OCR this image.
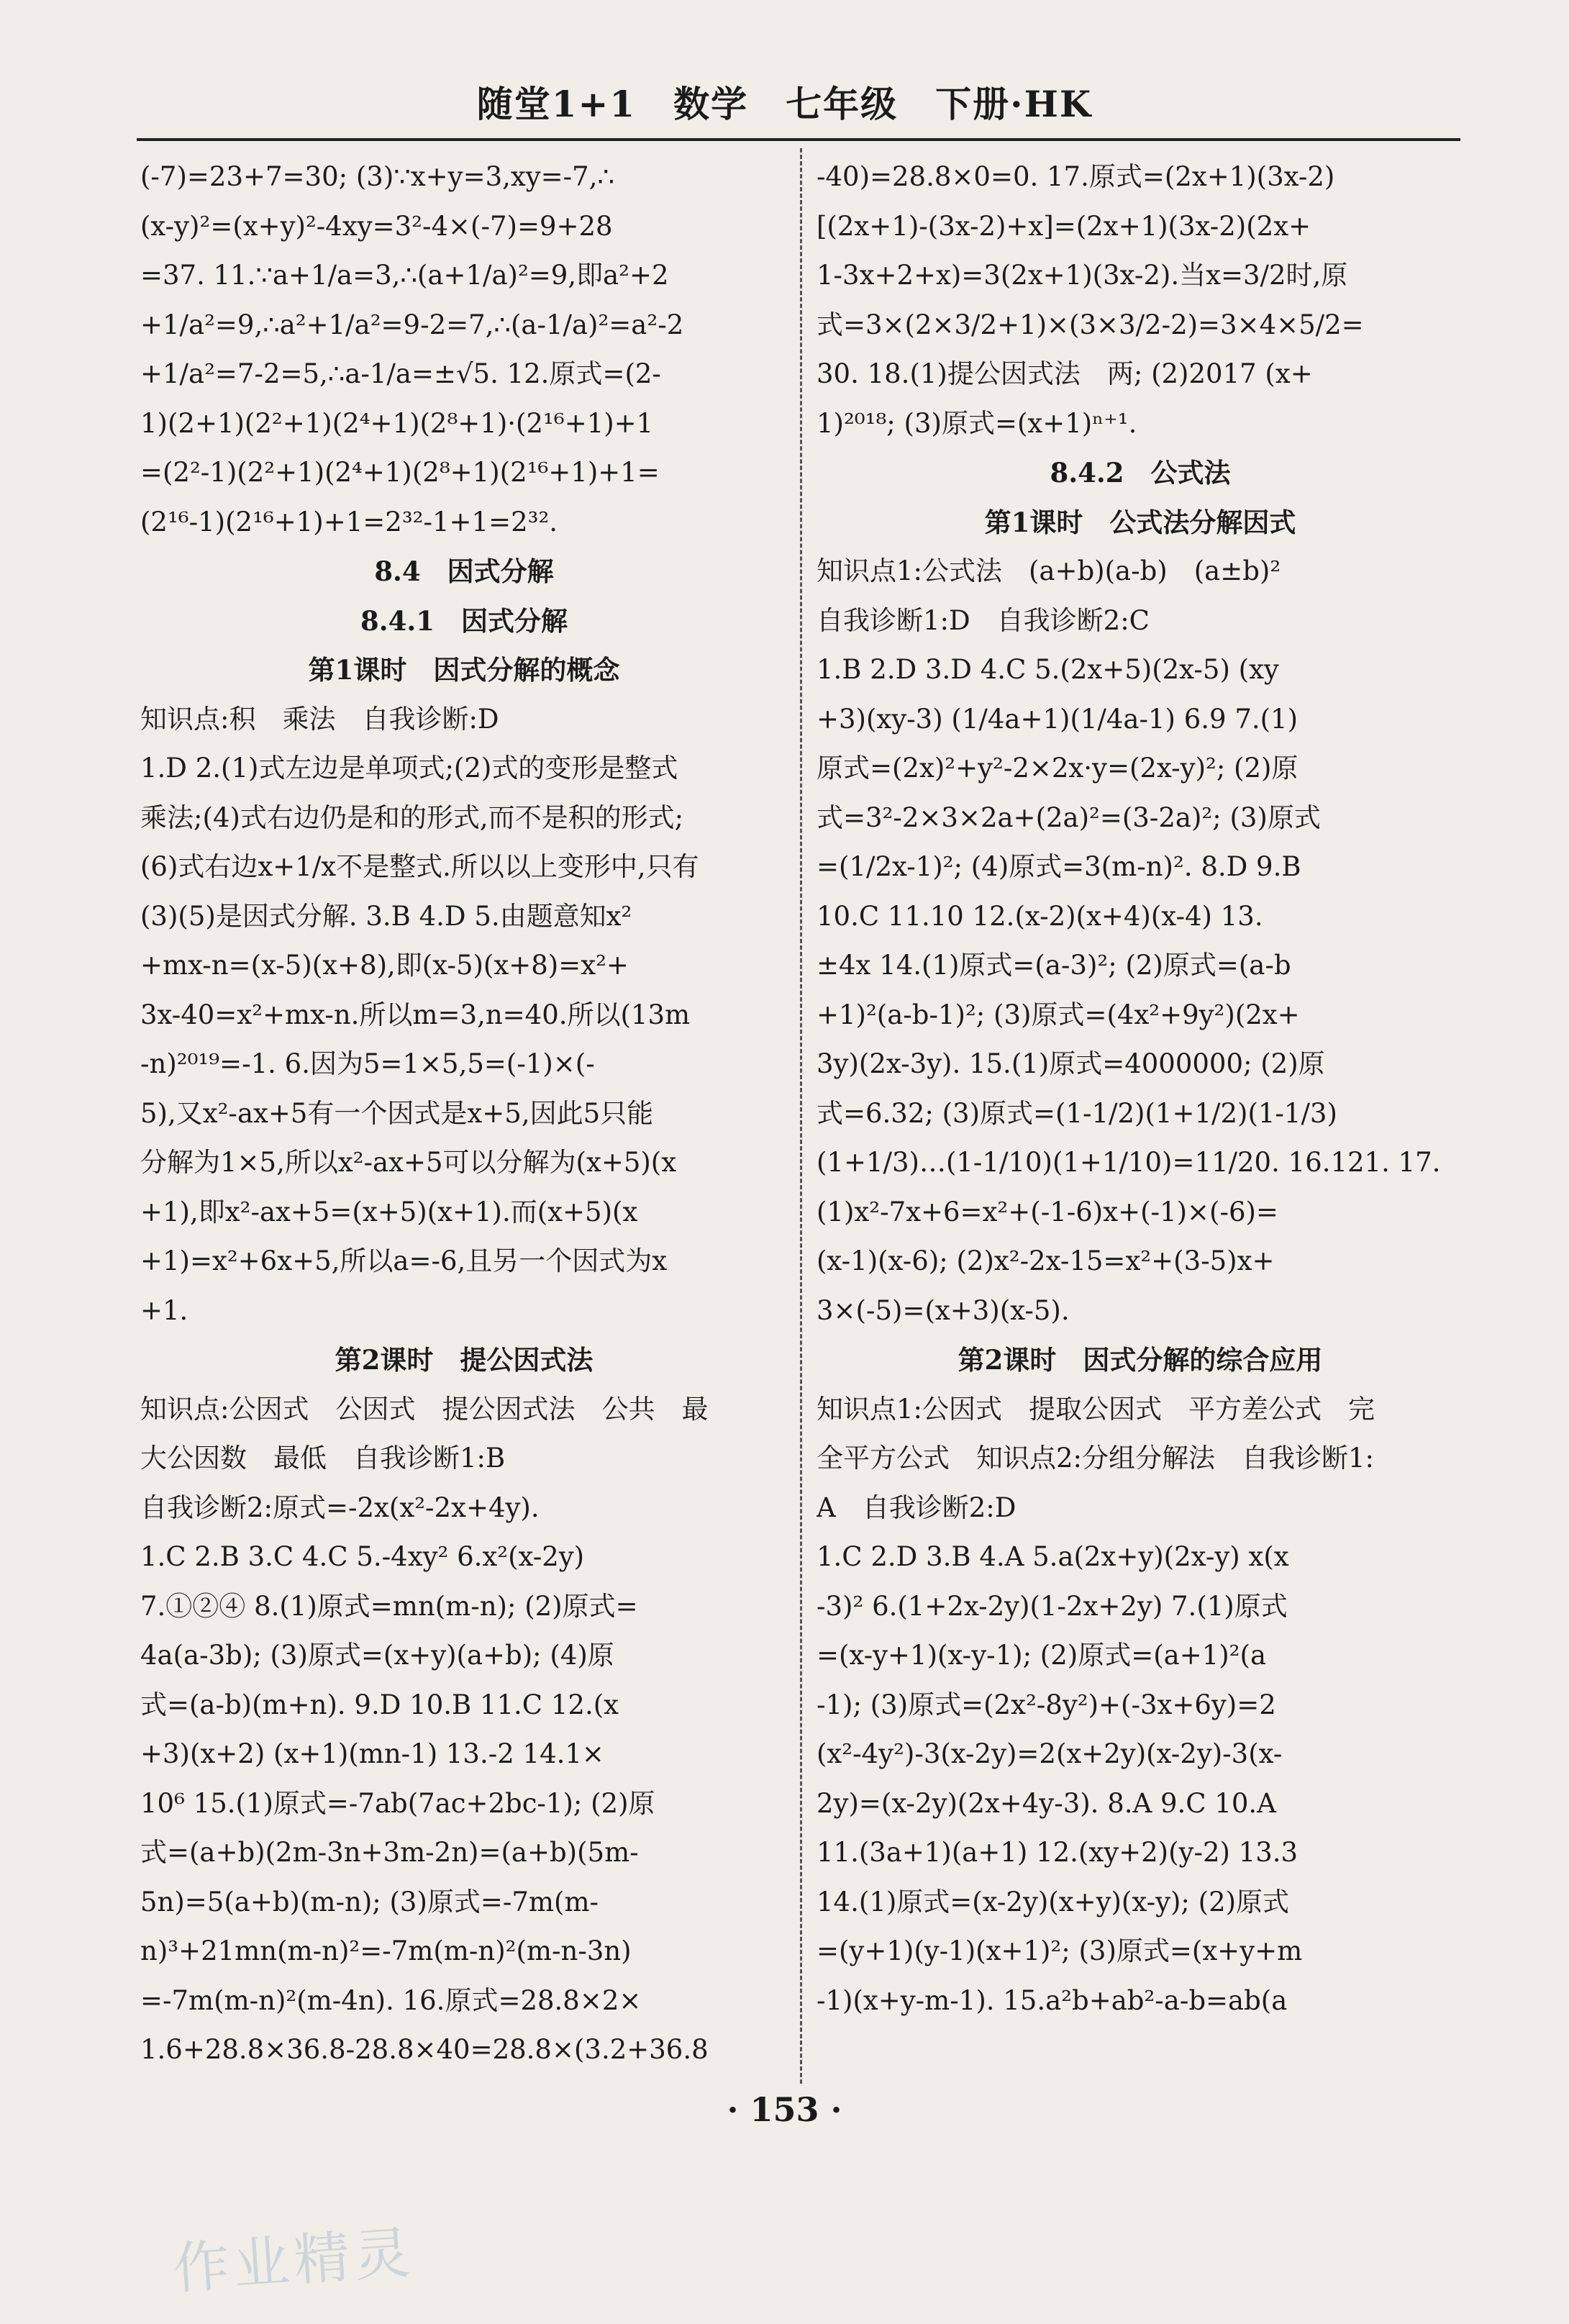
随堂1+1　数学　七年级　下册·HK
(-7)=23+7=30; (3)∵x+y=3,xy=-7,∴
(x-y)²=(x+y)²-4xy=3²-4×(-7)=9+28
=37. 11.∵a+1/a=3,∴(a+1/a)²=9,即a²+2
+1/a²=9,∴a²+1/a²=9-2=7,∴(a-1/a)²=a²-2
+1/a²=7-2=5,∴a-1/a=±√5. 12.原式=(2-
1)(2+1)(2²+1)(2⁴+1)(2⁸+1)·(2¹⁶+1)+1
=(2²-1)(2²+1)(2⁴+1)(2⁸+1)(2¹⁶+1)+1=
(2¹⁶-1)(2¹⁶+1)+1=2³²-1+1=2³².
8.4　因式分解
8.4.1　因式分解
第1课时　因式分解的概念
知识点:积　乘法　自我诊断:D
1.D 2.(1)式左边是单项式;(2)式的变形是整式
乘法;(4)式右边仍是和的形式,而不是积的形式;
(6)式右边x+1/x不是整式.所以以上变形中,只有
(3)(5)是因式分解. 3.B 4.D 5.由题意知x²
+mx-n=(x-5)(x+8),即(x-5)(x+8)=x²+
3x-40=x²+mx-n.所以m=3,n=40.所以(13m
-n)²⁰¹⁹=-1. 6.因为5=1×5,5=(-1)×(-
5),又x²-ax+5有一个因式是x+5,因此5只能
分解为1×5,所以x²-ax+5可以分解为(x+5)(x
+1),即x²-ax+5=(x+5)(x+1).而(x+5)(x
+1)=x²+6x+5,所以a=-6,且另一个因式为x
+1.
第2课时　提公因式法
知识点:公因式　公因式　提公因式法　公共　最
大公因数　最低　自我诊断1:B
自我诊断2:原式=-2x(x²-2x+4y).
1.C 2.B 3.C 4.C 5.-4xy² 6.x²(x-2y)
7.①②④ 8.(1)原式=mn(m-n); (2)原式=
4a(a-3b); (3)原式=(x+y)(a+b); (4)原
式=(a-b)(m+n). 9.D 10.B 11.C 12.(x
+3)(x+2) (x+1)(mn-1) 13.-2 14.1×
10⁶ 15.(1)原式=-7ab(7ac+2bc-1); (2)原
式=(a+b)(2m-3n+3m-2n)=(a+b)(5m-
5n)=5(a+b)(m-n); (3)原式=-7m(m-
n)³+21mn(m-n)²=-7m(m-n)²(m-n-3n)
=-7m(m-n)²(m-4n). 16.原式=28.8×2×
1.6+28.8×36.8-28.8×40=28.8×(3.2+36.8
-40)=28.8×0=0. 17.原式=(2x+1)(3x-2)
[(2x+1)-(3x-2)+x]=(2x+1)(3x-2)(2x+
1-3x+2+x)=3(2x+1)(3x-2).当x=3/2时,原
式=3×(2×3/2+1)×(3×3/2-2)=3×4×5/2=
30. 18.(1)提公因式法　两; (2)2017 (x+
1)²⁰¹⁸; (3)原式=(x+1)ⁿ⁺¹.
8.4.2　公式法
第1课时　公式法分解因式
知识点1:公式法　(a+b)(a-b)　(a±b)²
自我诊断1:D　自我诊断2:C
1.B 2.D 3.D 4.C 5.(2x+5)(2x-5) (xy
+3)(xy-3) (1/4a+1)(1/4a-1) 6.9 7.(1)
原式=(2x)²+y²-2×2x·y=(2x-y)²; (2)原
式=3²-2×3×2a+(2a)²=(3-2a)²; (3)原式
=(1/2x-1)²; (4)原式=3(m-n)². 8.D 9.B
10.C 11.10 12.(x-2)(x+4)(x-4) 13.
±4x 14.(1)原式=(a-3)²; (2)原式=(a-b
+1)²(a-b-1)²; (3)原式=(4x²+9y²)(2x+
3y)(2x-3y). 15.(1)原式=4000000; (2)原
式=6.32; (3)原式=(1-1/2)(1+1/2)(1-1/3)
(1+1/3)…(1-1/10)(1+1/10)=11/20. 16.121. 17.
(1)x²-7x+6=x²+(-1-6)x+(-1)×(-6)=
(x-1)(x-6); (2)x²-2x-15=x²+(3-5)x+
3×(-5)=(x+3)(x-5).
第2课时　因式分解的综合应用
知识点1:公因式　提取公因式　平方差公式　完
全平方公式　知识点2:分组分解法　自我诊断1:
A　自我诊断2:D
1.C 2.D 3.B 4.A 5.a(2x+y)(2x-y) x(x
-3)² 6.(1+2x-2y)(1-2x+2y) 7.(1)原式
=(x-y+1)(x-y-1); (2)原式=(a+1)²(a
-1); (3)原式=(2x²-8y²)+(-3x+6y)=2
(x²-4y²)-3(x-2y)=2(x+2y)(x-2y)-3(x-
2y)=(x-2y)(2x+4y-3). 8.A 9.C 10.A
11.(3a+1)(a+1) 12.(xy+2)(y-2) 13.3
14.(1)原式=(x-2y)(x+y)(x-y); (2)原式
=(y+1)(y-1)(x+1)²; (3)原式=(x+y+m
-1)(x+y-m-1). 15.a²b+ab²-a-b=ab(a
· 153 ·
作业精灵
